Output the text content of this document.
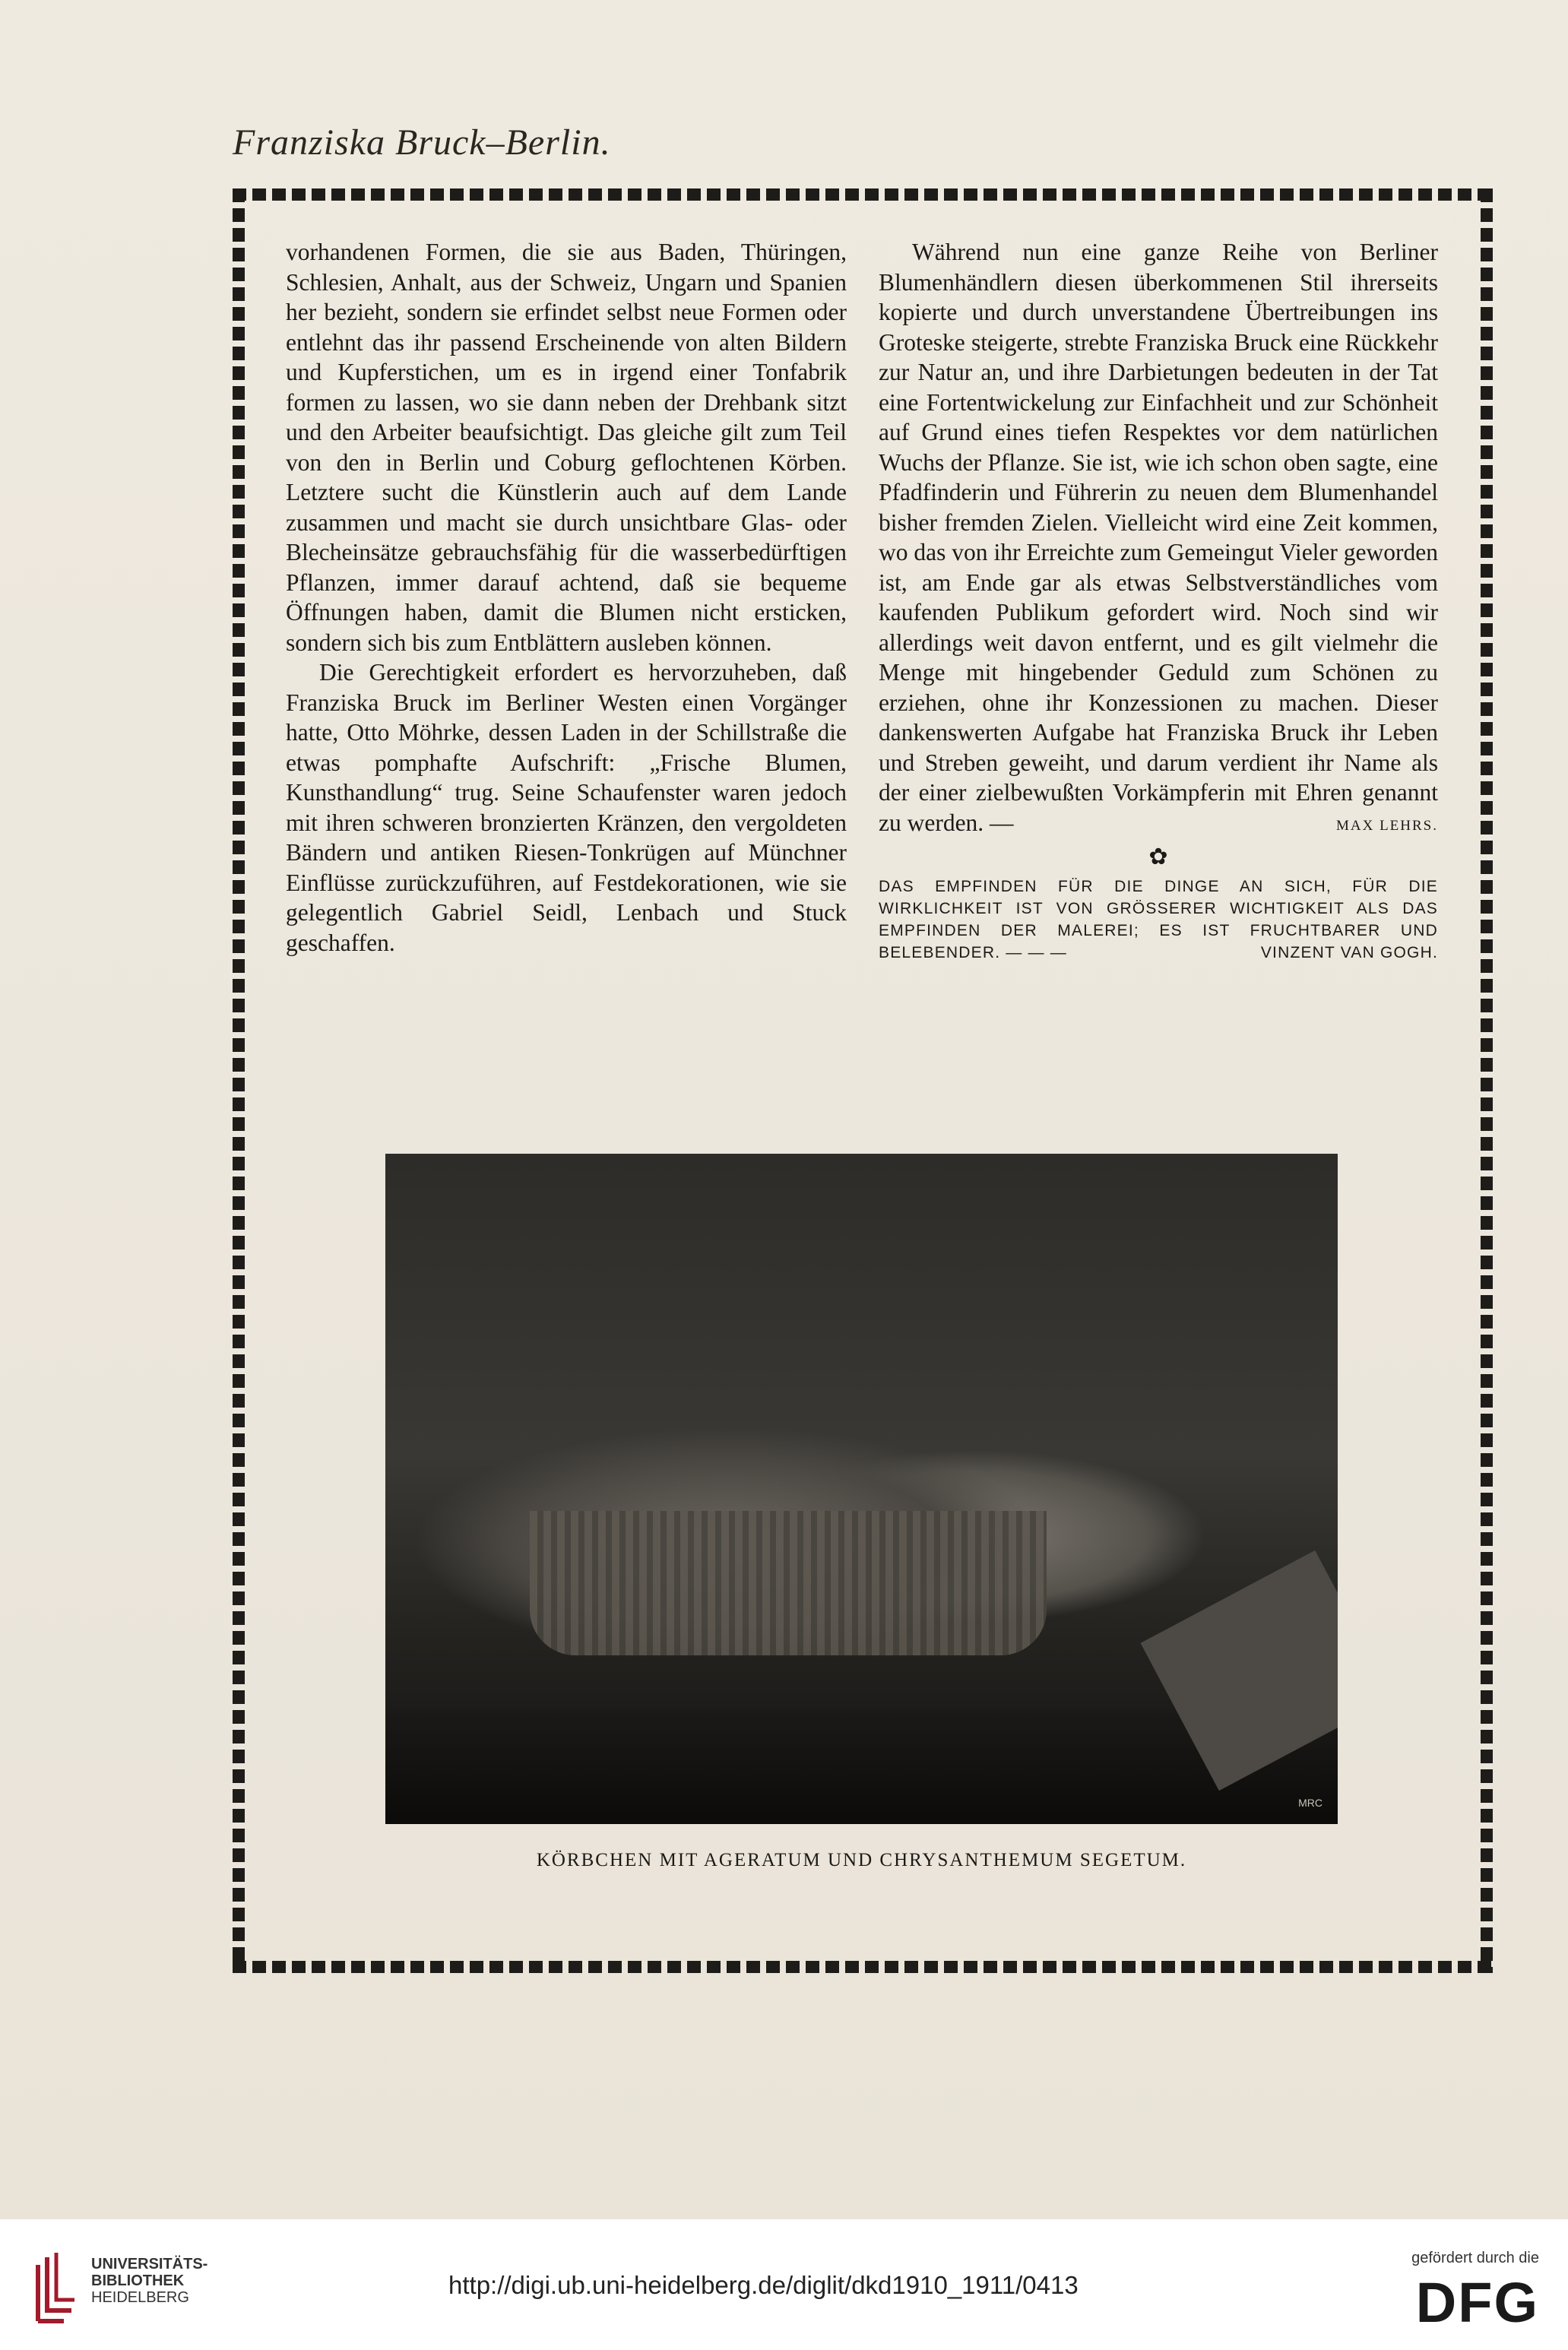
Franziska Bruck–Berlin.

vorhandenen Formen, die sie aus Baden, Thüringen, Schlesien, Anhalt, aus der Schweiz, Ungarn und Spanien her bezieht, sondern sie erfindet selbst neue Formen oder entlehnt das ihr passend Erscheinende von alten Bildern und Kupferstichen, um es in irgend einer Tonfabrik formen zu lassen, wo sie dann neben der Drehbank sitzt und den Arbeiter beaufsichtigt. Das gleiche gilt zum Teil von den in Berlin und Coburg geflochtenen Körben. Letztere sucht die Künstlerin auch auf dem Lande zusammen und macht sie durch unsichtbare Glas- oder Blecheinsätze gebrauchsfähig für die wasserbedürftigen Pflanzen, immer darauf achtend, daß sie bequeme Öffnungen haben, damit die Blumen nicht ersticken, sondern sich bis zum Entblättern ausleben können.

Die Gerechtigkeit erfordert es hervorzuheben, daß Franziska Bruck im Berliner Westen einen Vorgänger hatte, Otto Möhrke, dessen Laden in der Schillstraße die etwas pomphafte Aufschrift: „Frische Blumen, Kunsthandlung“ trug. Seine Schaufenster waren jedoch mit ihren schweren bronzierten Kränzen, den vergoldeten Bändern und antiken Riesen-Tonkrügen auf Münchner Einflüsse zurückzuführen, auf Festdekorationen, wie sie gelegentlich Gabriel Seidl, Lenbach und Stuck geschaffen.

Während nun eine ganze Reihe von Berliner Blumenhändlern diesen überkommenen Stil ihrerseits kopierte und durch unverstandene Übertreibungen ins Groteske steigerte, strebte Franziska Bruck eine Rückkehr zur Natur an, und ihre Darbietungen bedeuten in der Tat eine Fortentwickelung zur Einfachheit und zur Schönheit auf Grund eines tiefen Respektes vor dem natürlichen Wuchs der Pflanze. Sie ist, wie ich schon oben sagte, eine Pfadfinderin und Führerin zu neuen dem Blumenhandel bisher fremden Zielen. Vielleicht wird eine Zeit kommen, wo das von ihr Erreichte zum Gemeingut Vieler geworden ist, am Ende gar als etwas Selbstverständliches vom kaufenden Publikum gefordert wird. Noch sind wir allerdings weit davon entfernt, und es gilt vielmehr die Menge mit hingebender Geduld zum Schönen zu erziehen, ohne ihr Konzessionen zu machen. Dieser dankenswerten Aufgabe hat Franziska Bruck ihr Leben und Streben geweiht, und darum verdient ihr Name als der einer zielbewußten Vorkämpferin mit Ehren genannt zu werden. —	MAX LEHRS.
✿
DAS EMPFINDEN FÜR DIE DINGE AN SICH, FÜR DIE WIRKLICHKEIT IST VON GRÖSSERER WICHTIGKEIT ALS DAS EMPFINDEN DER MALEREI; ES IST FRUCHTBARER UND BELEBENDER. — — —	VINZENT VAN GOGH.
MRC
KÖRBCHEN MIT AGERATUM UND CHRYSANTHEMUM SEGETUM.
UNIVERSITÄTS-
BIBLIOTHEK
HEIDELBERG	http://digi.ub.uni-heidelberg.de/diglit/dkd1910_1911/0413
gefördert durch die
DFG
